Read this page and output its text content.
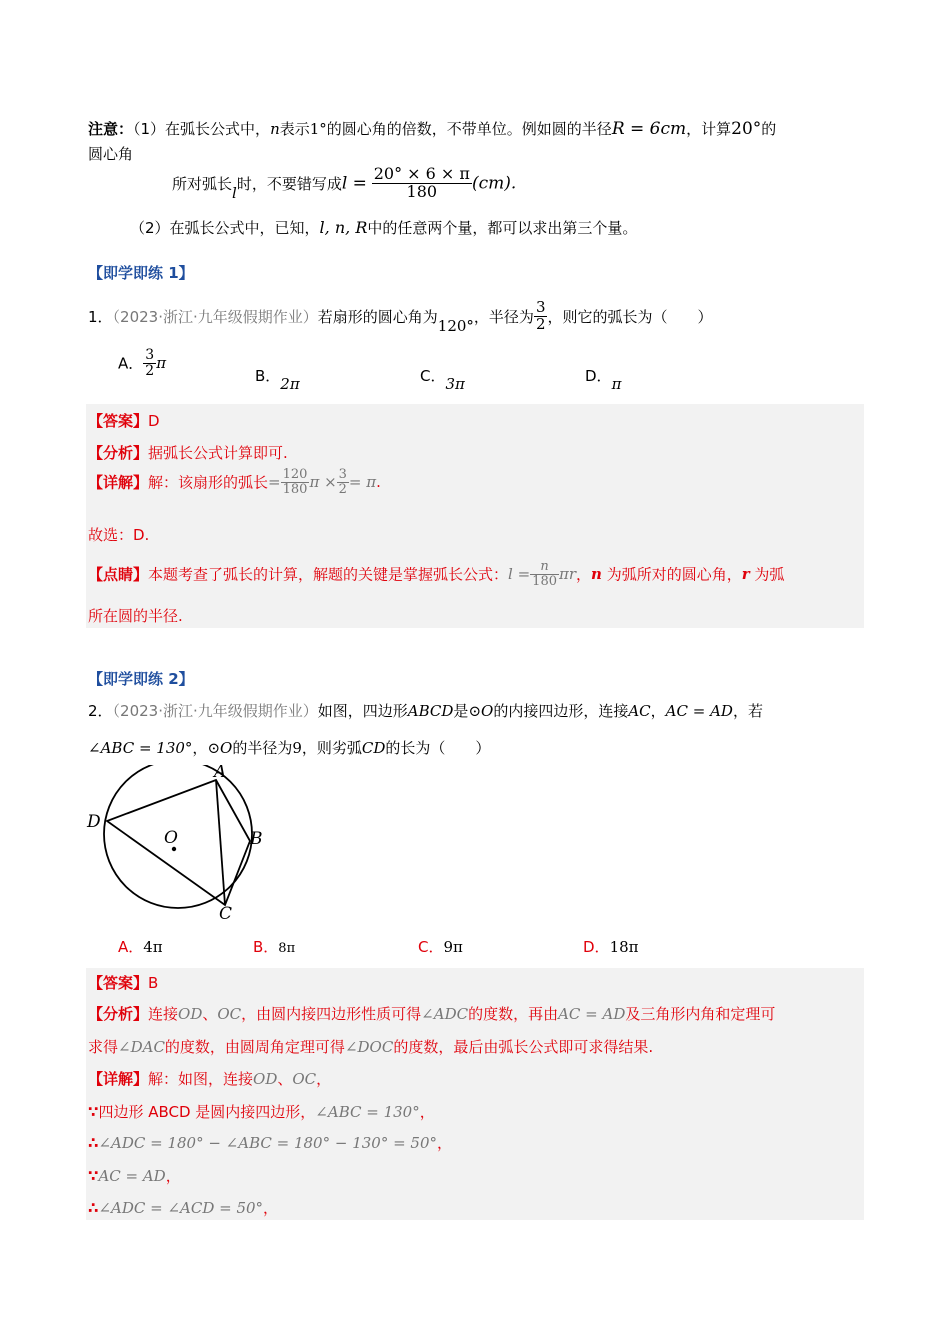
注意：（1）在弧长公式中，n表示1°的圆心角的倍数，不带单位。例如圆的半径R = 6cm，计算20°的
圆心角
所对弧长l时，不要错写成$l = \frac{20^\circ \times 6 \times \pi}{180} (cm)$.
（2）在弧长公式中，已知，l, n, R中的任意两个量，都可以求出第三个量。
【即学即练 1】
1．（2023·浙江·九年级假期作业）若扇形的圆心角为120°，半径为 $\frac{3}{2}$ ，则它的弧长为（　　）
A． $\frac{3}{2}$ π
B．2π	C．3π	D．π
【答案】D
【分析】据弧长公式计算即可.
【详解】解：该扇形的弧长= $\frac{120}{180}$ $\pi \times \frac{3}{2} = \pi$.
故选：D.
【点睛】本题考查了弧长的计算，解题的关键是掌握弧长公式：$l = \frac{n}{180}$ πr，n 为弧所对的圆心角，r 为弧
所在圆的半径.
【即学即练 2】
2．（2023·浙江·九年级假期作业）如图，四边形ABCD是⊙O的内接四边形，连接AC，AC = AD，若
∠ABC = 130°，⊙O的半径为9，则劣弧CD的长为（　　）
A
B
C
D
O
A．4π	B．8π	C．9π	D．18π
【答案】B
【分析】连接OD、OC，由圆内接四边形性质可得∠ADC的度数，再由AC = AD及三角形内角和定理可
求得∠DAC的度数，由圆周角定理可得∠DOC的度数，最后由弧长公式即可求得结果.
【详解】解：如图，连接OD、OC，
∵四边形 ABCD 是圆内接四边形，∠ABC = 130°，
∴∠ADC = 180° − ∠ABC = 180° − 130° = 50°，
∵AC = AD，
∴∠ADC = ∠ACD = 50°，
